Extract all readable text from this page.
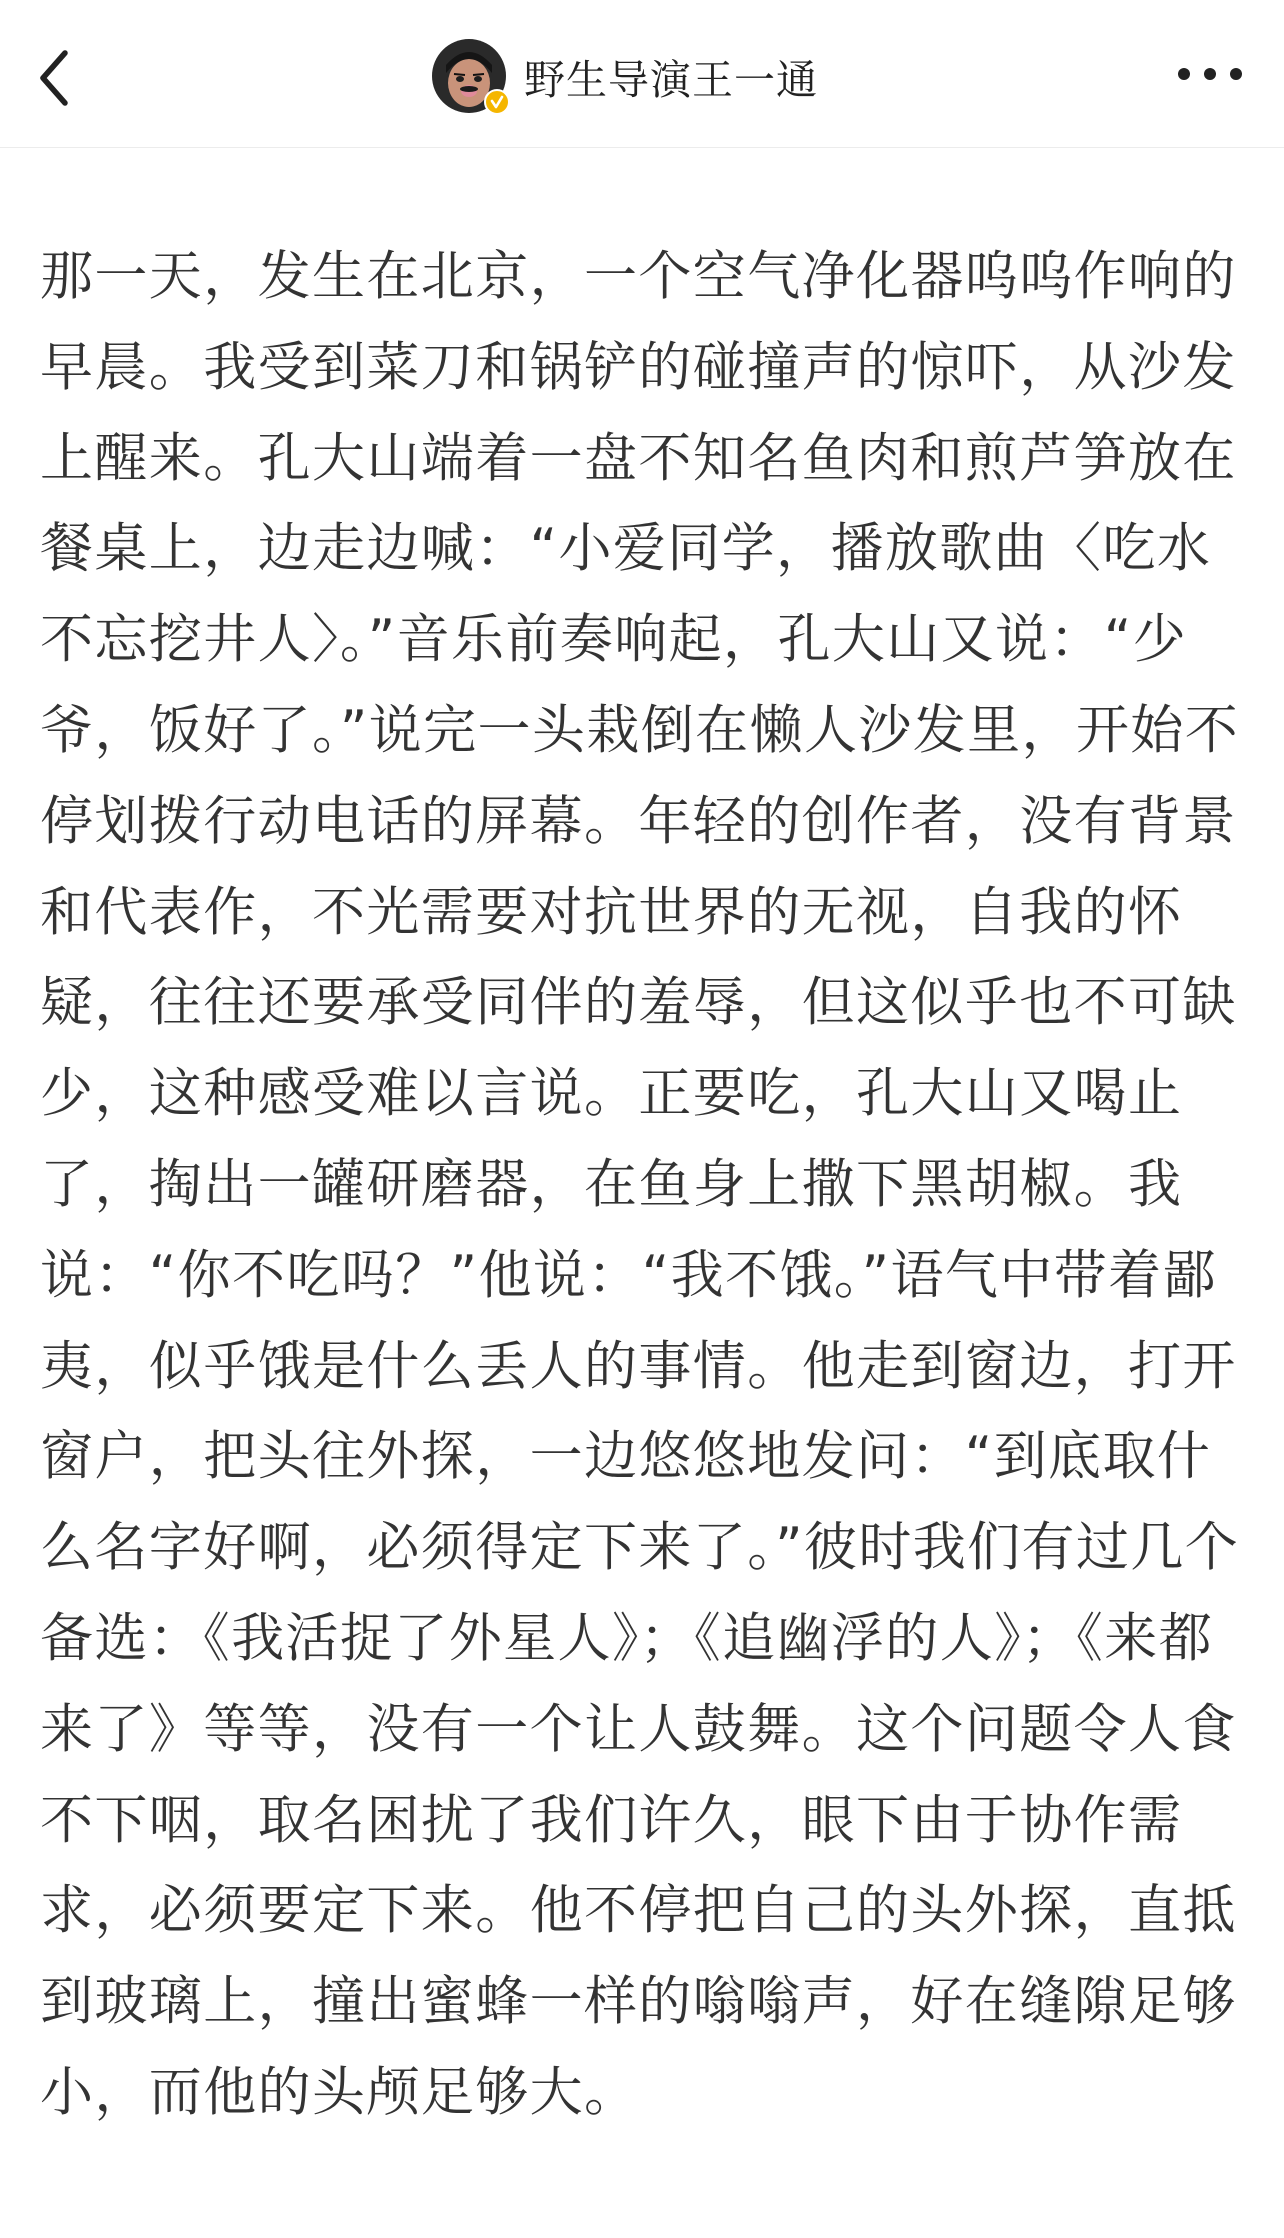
野生导演王一通

那一天，发生在北京，一个空气净化器呜呜作响的早晨。我受到菜刀和锅铲的碰撞声的惊吓，从沙发上醒来。孔大山端着一盘不知名鱼肉和煎芦笋放在餐桌上，边走边喊：“小爱同学，播放歌曲〈吃水不忘挖井人〉。”音乐前奏响起，孔大山又说：“少爷，饭好了。”说完一头栽倒在懒人沙发里，开始不停划拨行动电话的屏幕。年轻的创作者，没有背景和代表作，不光需要对抗世界的无视，自我的怀疑，往往还要承受同伴的羞辱，但这似乎也不可缺少，这种感受难以言说。正要吃，孔大山又喝止了，掏出一罐研磨器，在鱼身上撒下黑胡椒。我说：“你不吃吗？”他说：“我不饿。”语气中带着鄙夷，似乎饿是什么丢人的事情。他走到窗边，打开窗户，把头往外探，一边悠悠地发问：“到底取什么名字好啊，必须得定下来了。”彼时我们有过几个备选：《我活捉了外星人》；《追幽浮的人》；《来都来了》等等，没有一个让人鼓舞。这个问题令人食不下咽，取名困扰了我们许久，眼下由于协作需求，必须要定下来。他不停把自己的头外探，直抵到玻璃上，撞出蜜蜂一样的嗡嗡声，好在缝隙足够小，而他的头颅足够大。
